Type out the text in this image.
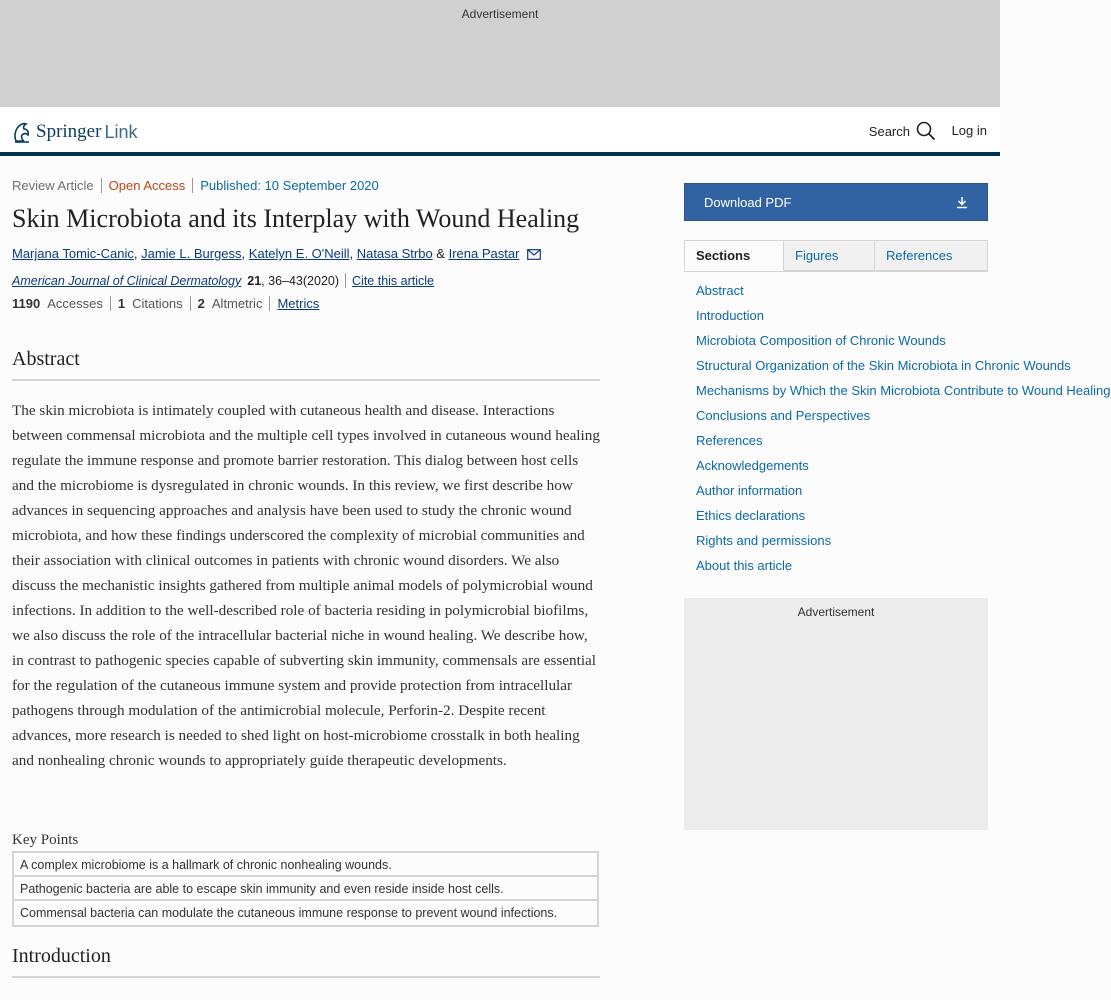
Advertisement
Springer Link	Search	Log in
Review Article Open Access Published: 10 September 2020
Skin Microbiota and its Interplay with Wound Healing
Marjana Tomic-Canic, Jamie L. Burgess, Katelyn E. O'Neill, Natasa Strbo & Irena Pastar
American Journal of Clinical Dermatology 21 , 36–43(2020) Cite this article
1190 Accesses 1 Citations 2 Altmetric Metrics
Abstract

The skin microbiota is intimately coupled with cutaneous health and disease. Interactions between commensal microbiota and the multiple cell types involved in cutaneous wound healing regulate the immune response and promote barrier restoration. This dialog between host cells and the microbiome is dysregulated in chronic wounds. In this review, we first describe how advances in sequencing approaches and analysis have been used to study the chronic wound microbiota, and how these findings underscored the complexity of microbial communities and their association with clinical outcomes in patients with chronic wound disorders. We also discuss the mechanistic insights gathered from multiple animal models of polymicrobial wound infections. In addition to the well-described role of bacteria residing in polymicrobial biofilms, we also discuss the role of the intracellular bacterial niche in wound healing. We describe how, in contrast to pathogenic species capable of subverting skin immunity, commensals are essential for the regulation of the cutaneous immune system and provide protection from intracellular pathogens through modulation of the antimicrobial molecule, Perforin-2. Despite recent advances, more research is needed to shed light on host-microbiome crosstalk in both healing and nonhealing chronic wounds to appropriately guide therapeutic developments.

Key Points
A complex microbiome is a hallmark of chronic nonhealing wounds.
Pathogenic bacteria are able to escape skin immunity and even reside inside host cells.
Commensal bacteria can modulate the cutaneous immune response to prevent wound infections.
Introduction
Download PDF
Sections	Figures	References
Abstract
Introduction
Microbiota Composition of Chronic Wounds
Structural Organization of the Skin Microbiota in Chronic Wounds
Mechanisms by Which the Skin Microbiota Contribute to Wound Healing
Conclusions and Perspectives
References
Acknowledgements
Author information
Ethics declarations
Rights and permissions
About this article
Advertisement
